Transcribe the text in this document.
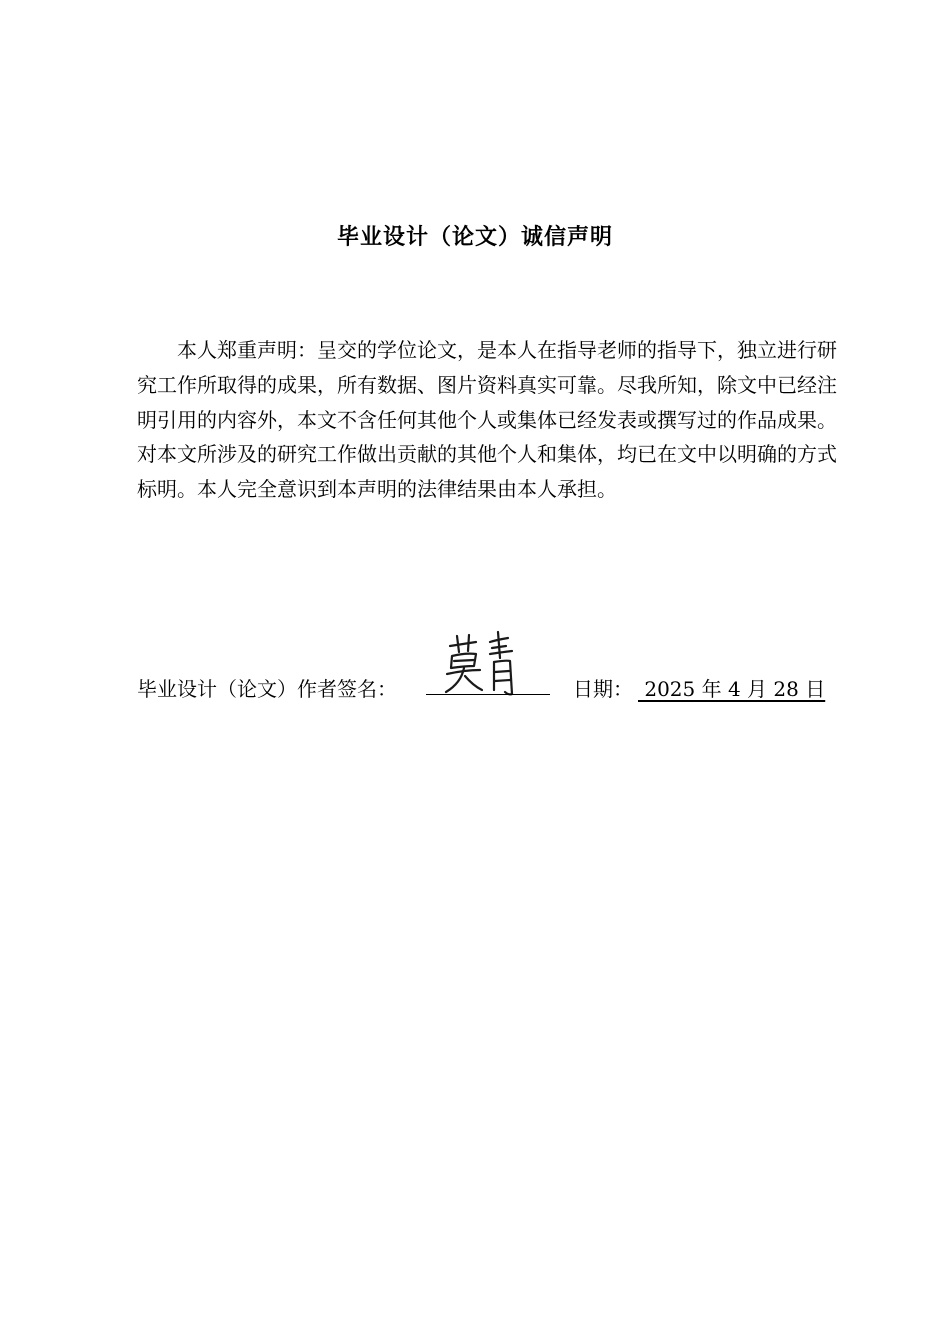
毕业设计（论文）诚信声明

本人郑重声明：呈交的学位论文，是本人在指导老师的指导下，独立进行研究工作所取得的成果，所有数据、图片资料真实可靠。尽我所知，除文中已经注明引用的内容外，本文不含任何其他个人或集体已经发表或撰写过的作品成果。对本文所涉及的研究工作做出贡献的其他个人和集体，均已在文中以明确的方式标明。本人完全意识到本声明的法律结果由本人承担。

毕业设计（论文）作者签名：	日期： 2025 年 4 月 28 日
